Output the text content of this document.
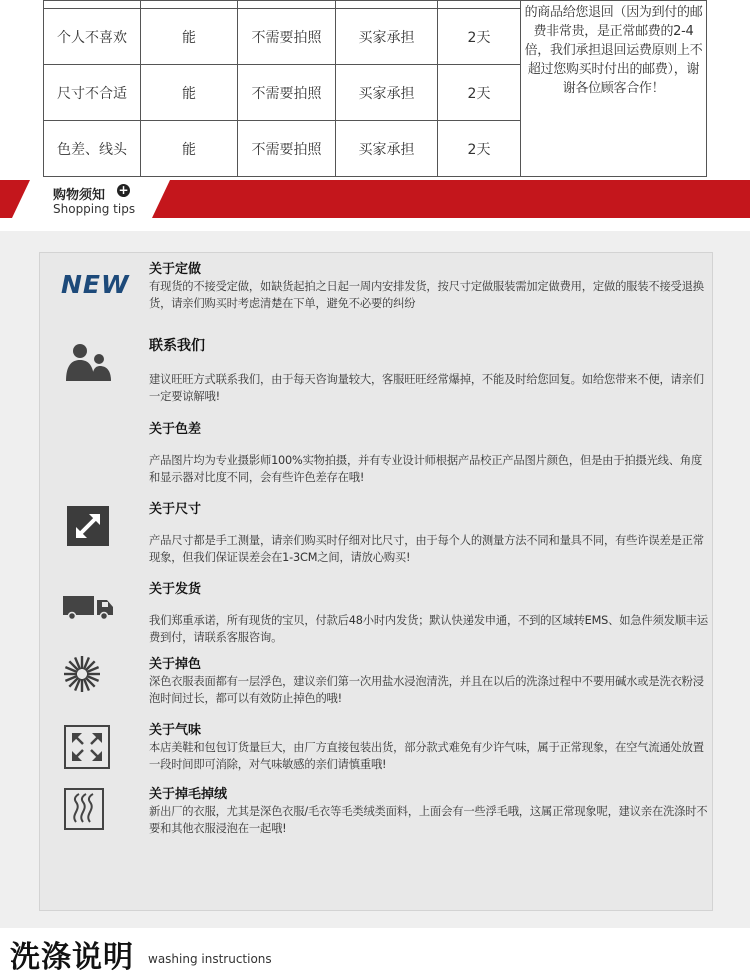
					的商品给您退回（因为到付的邮费非常贵，是正常邮费的2-4倍，我们承担退回运费原则上不超过您购买时付出的邮费），谢谢各位顾客合作！
个人不喜欢	能	不需要拍照	买家承担	2天	
尺寸不合适	能	不需要拍照	买家承担	2天	
色差、线头	能	不需要拍照	买家承担	2天	
购物须知 +
Shopping tips
NEW
关于定做
有现货的不接受定做，如缺货起拍之日起一周内安排发货，按尺寸定做服装需加定做费用，定做的服装不接受退换货，请亲们购买时考虑清楚在下单，避免不必要的纠纷
联系我们
建议旺旺方式联系我们，由于每天咨询量较大，客服旺旺经常爆掉，不能及时给您回复。如给您带来不便，请亲们一定要谅解哦!
关于色差
产品图片均为专业摄影师100%实物拍摄，并有专业设计师根据产品校正产品图片颜色，但是由于拍摄光线、角度和显示器对比度不同，会有些许色差存在哦!
关于尺寸
产品尺寸都是手工测量，请亲们购买时仔细对比尺寸，由于每个人的测量方法不同和量具不同，有些许误差是正常现象，但我们保证误差会在1-3CM之间，请放心购买!
关于发货
我们郑重承诺，所有现货的宝贝，付款后48小时内发货；默认快递发申通，不到的区域转EMS、如急件须发顺丰运费到付，请联系客服咨询。
关于掉色
深色衣服表面都有一层浮色，建议亲们第一次用盐水浸泡清洗，并且在以后的洗涤过程中不要用碱水或是洗衣粉浸泡时间过长，都可以有效防止掉色的哦!
关于气味
本店美鞋和包包订货量巨大，由厂方直接包装出货，部分款式难免有少许气味，属于正常现象，在空气流通处放置一段时间即可消除，对气味敏感的亲们请慎重哦!
关于掉毛掉绒
新出厂的衣服，尤其是深色衣服/毛衣等毛类绒类面料，上面会有一些浮毛哦，这属正常现象呢，建议亲在洗涤时不要和其他衣服浸泡在一起哦!
洗涤说明 washing instructions
